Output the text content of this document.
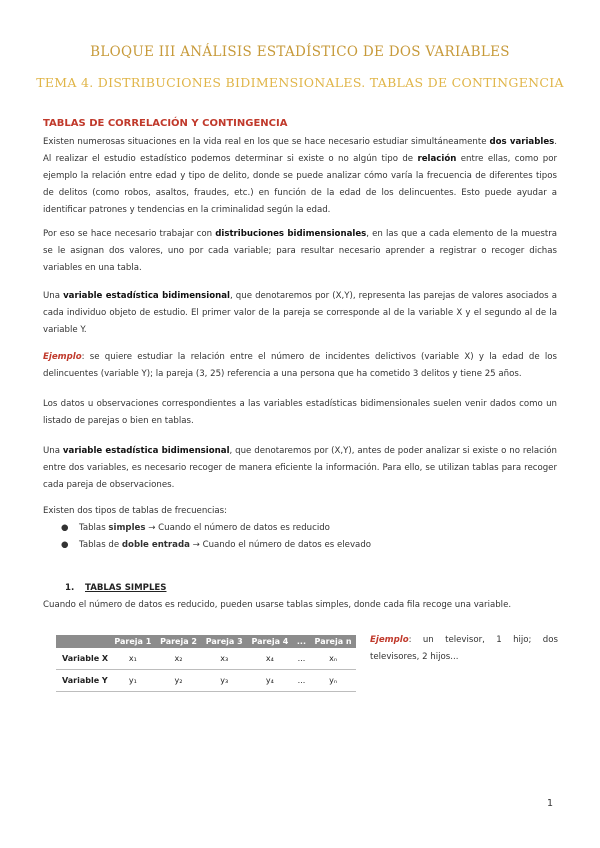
BLOQUE III ANÁLISIS ESTADÍSTICO DE DOS VARIABLES
TEMA 4. DISTRIBUCIONES BIDIMENSIONALES. TABLAS DE CONTINGENCIA
TABLAS DE CORRELACIÓN Y CONTINGENCIA
Existen numerosas situaciones en la vida real en los que se hace necesario estudiar simultáneamente dos variables. Al realizar el estudio estadístico podemos determinar si existe o no algún tipo de relación entre ellas, como por ejemplo la relación entre edad y tipo de delito, donde se puede analizar cómo varía la frecuencia de diferentes tipos de delitos (como robos, asaltos, fraudes, etc.) en función de la edad de los delincuentes. Esto puede ayudar a identificar patrones y tendencias en la criminalidad según la edad.
Por eso se hace necesario trabajar con distribuciones bidimensionales, en las que a cada elemento de la muestra se le asignan dos valores, uno por cada variable; para resultar necesario aprender a registrar o recoger dichas variables en una tabla.
Una variable estadística bidimensional, que denotaremos por (X,Y), representa las parejas de valores asociados a cada individuo objeto de estudio. El primer valor de la pareja se corresponde al de la variable X y el segundo al de la variable Y.
Ejemplo: se quiere estudiar la relación entre el número de incidentes delictivos (variable X) y la edad de los delincuentes (variable Y); la pareja (3, 25) referencia a una persona que ha cometido 3 delitos y tiene 25 años.
Los datos u observaciones correspondientes a las variables estadísticas bidimensionales suelen venir dados como un listado de parejas o bien en tablas.
Una variable estadística bidimensional, que denotaremos por (X,Y), antes de poder analizar si existe o no relación entre dos variables, es necesario recoger de manera eficiente la información. Para ello, se utilizan tablas para recoger cada pareja de observaciones.
Existen dos tipos de tablas de frecuencias:
● Tablas simples → Cuando el número de datos es reducido
● Tablas de doble entrada → Cuando el número de datos es elevado
1. TABLAS SIMPLES
Cuando el número de datos es reducido, pueden usarse tablas simples, donde cada fila recoge una variable.
	Pareja 1	Pareja 2	Pareja 3	Pareja 4	...	Pareja n
Variable X	x₁	x₂	x₃	x₄	...	xₙ
Variable Y	y₁	y₂	y₃	y₄	...	yₙ
Ejemplo: un televisor, 1 hijo; dos televisores, 2 hijos...
1
